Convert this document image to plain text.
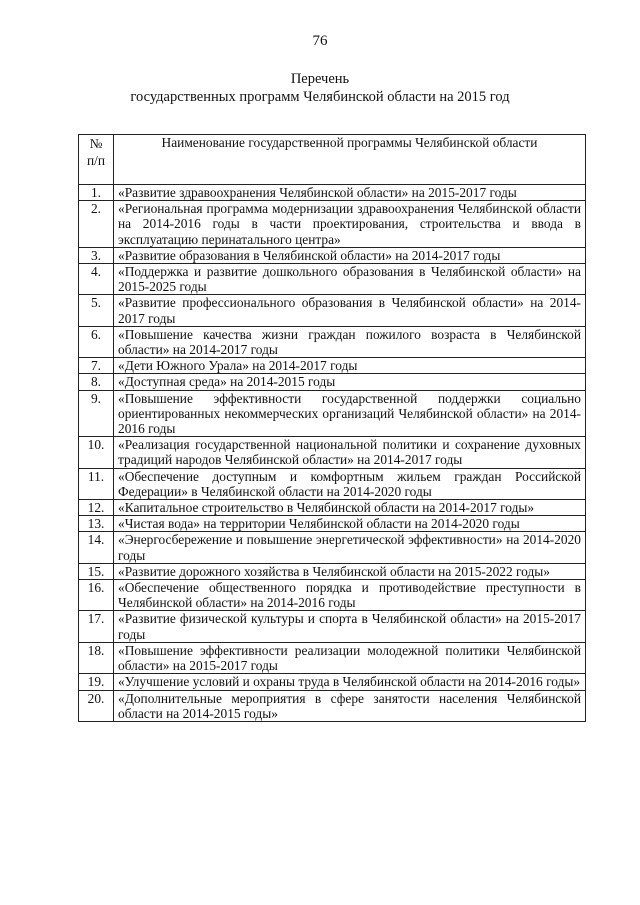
76
Перечень
государственных программ Челябинской области на 2015 год
№
п/п	Наименование государственной программы Челябинской области
1.	«Развитие здравоохранения Челябинской области» на 2015-2017 годы
2.	«Региональная программа модернизации здравоохранения Челябинской области на 2014-2016 годы в части проектирования, строительства и ввода в эксплуатацию перинатального центра»
3.	«Развитие образования в Челябинской области» на 2014-2017 годы
4.	«Поддержка и развитие дошкольного образования в Челябинской области» на 2015-2025 годы
5.	«Развитие профессионального образования в Челябинской области» на 2014-2017 годы
6.	«Повышение качества жизни граждан пожилого возраста в Челябинской области» на 2014-2017 годы
7.	«Дети Южного Урала» на 2014-2017 годы
8.	«Доступная среда» на 2014-2015 годы
9.	«Повышение эффективности государственной поддержки социально ориентированных некоммерческих организаций Челябинской области» на 2014-2016 годы
10.	«Реализация государственной национальной политики и сохранение духовных традиций народов Челябинской области» на 2014-2017 годы
11.	«Обеспечение доступным и комфортным жильем граждан Российской Федерации» в Челябинской области на 2014-2020 годы
12.	«Капитальное строительство в Челябинской области на 2014-2017 годы»
13.	«Чистая вода» на территории Челябинской области на 2014-2020 годы
14.	«Энергосбережение и повышение энергетической эффективности» на 2014-2020 годы
15.	«Развитие дорожного хозяйства в Челябинской области на 2015-2022 годы»
16.	«Обеспечение общественного порядка и противодействие преступности в Челябинской области» на 2014-2016 годы
17.	«Развитие физической культуры и спорта в Челябинской области» на 2015-2017 годы
18.	«Повышение эффективности реализации молодежной политики Челябинской области» на 2015-2017 годы
19.	«Улучшение условий и охраны труда в Челябинской области на 2014-2016 годы»
20.	«Дополнительные мероприятия в сфере занятости населения Челябинской области на 2014-2015 годы»
